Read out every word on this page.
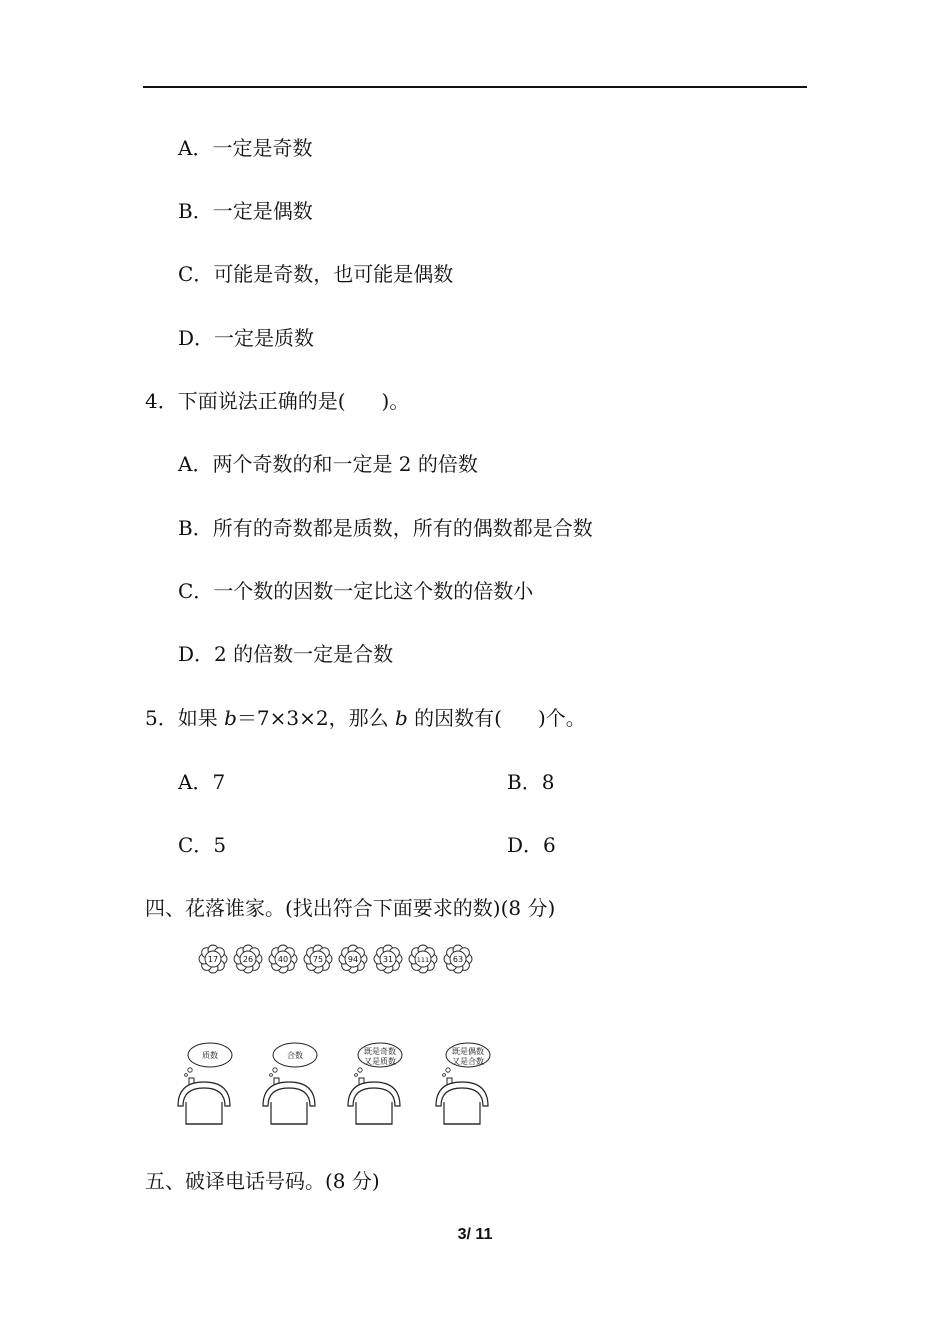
A．一定是奇数
B．一定是偶数
C．可能是奇数，也可能是偶数
D．一定是质数
4．下面说法正确的是( )。
A．两个奇数的和一定是 2 的倍数
B．所有的奇数都是质数，所有的偶数都是合数
C．一个数的因数一定比这个数的倍数小
D．2 的倍数一定是合数
5．如果 b＝7×3×2，那么 b 的因数有( )个。
A．7	B．8
C．5	D．6
四、花落谁家。(找出符合下面要求的数)(8 分)
17	26	40	75	94	31	111	63
质数	合数	既是奇数
又是质数
既是偶数
又是合数
五、破译电话号码。(8 分)
3/ 11
